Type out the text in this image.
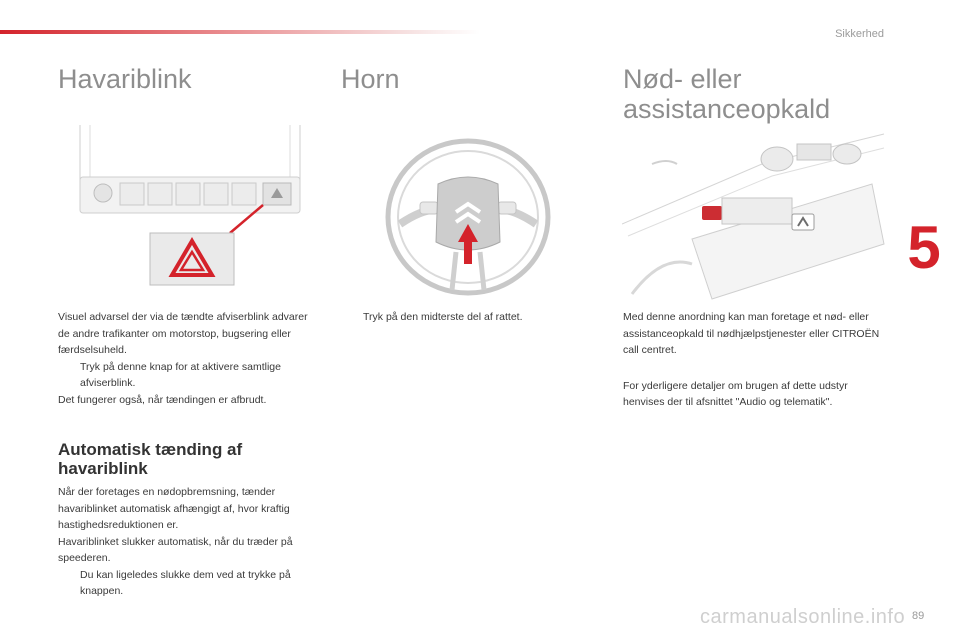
Sikkerhed
5
Havariblink
Visuel advarsel der via de tændte afviserblink advarer de andre trafikanter om motorstop, bugsering eller færdselsuheld.
Tryk på denne knap for at aktivere samtlige afviserblink.
Det fungerer også, når tændingen er afbrudt.
Automatisk tænding af havariblink
Når der foretages en nødopbremsning, tænder havariblinket automatisk afhængigt af, hvor kraftig hastighedsreduktionen er.
Havariblinket slukker automatisk, når du træder på speederen.
Du kan ligeledes slukke dem ved at trykke på knappen.
Horn
Tryk på den midterste del af rattet.
Nød- eller assistanceopkald
Med denne anordning kan man foretage et nød- eller assistanceopkald til nødhjælpstjenester eller CITROËN call centret.
For yderligere detaljer om brugen af dette udstyr henvises der til afsnittet "Audio og telematik".
carmanualsonline.info 89
